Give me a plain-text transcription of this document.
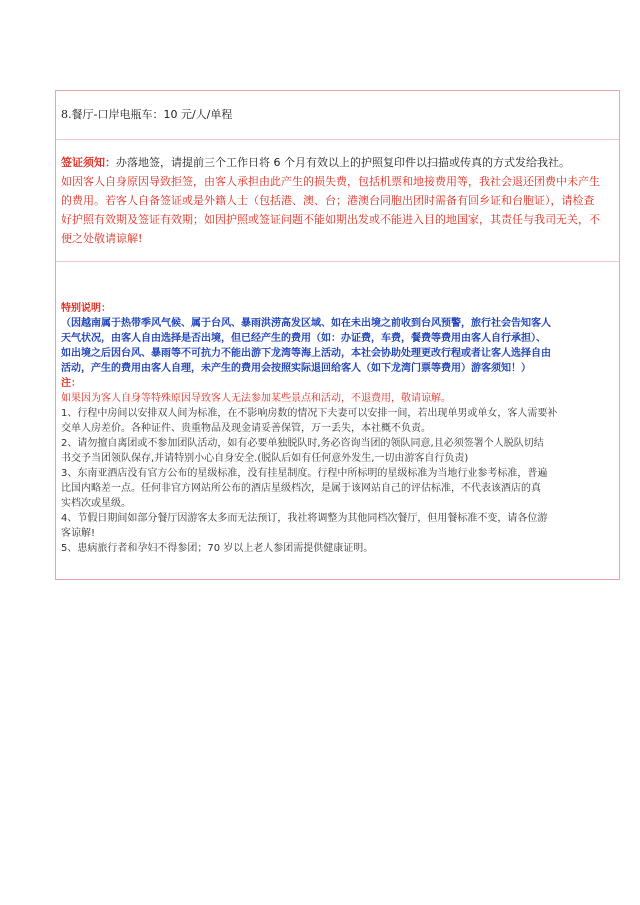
8.餐厅-口岸电瓶车：10 元/人/单程
签证须知：办落地签，请提前三个工作日将 6 个月有效以上的护照复印件以扫描或传真的方式发给我社。
如因客人自身原因导致拒签，由客人承担由此产生的损失费，包括机票和地接费用等，我社会退还团费中未产生
的费用。若客人自备签证或是外籍人士（包括港、澳、台；港澳台同胞出团时需备有回乡证和台胞证），请检查
好护照有效期及签证有效期；如因护照或签证问题不能如期出发或不能进入目的地国家，其责任与我司无关，不
便之处敬请谅解!
特别说明：
（因越南属于热带季风气候、属于台风、暴雨洪涝高发区域、如在未出境之前收到台风预警，旅行社会告知客人
天气状况，由客人自由选择是否出境，但已经产生的费用（如：办证费，车费，餐费等费用由客人自行承担）、
如出境之后因台风、暴雨等不可抗力不能出游下龙湾等海上活动，本社会协助处理更改行程或者让客人选择自由
活动，产生的费用由客人自理，未产生的费用会按照实际退回给客人（如下龙湾门票等费用）游客须知！）
注：
如果因为客人自身等特殊原因导致客人无法参加某些景点和活动，不退费用，敬请谅解。
1、行程中房间以安排双人间为标准，在不影响房数的情况下夫妻可以安排一间，若出现单男或单女，客人需要补
交单人房差价。各种证件、贵重物品及现金请妥善保管，万一丢失，本社概不负责。
2、请勿擅自离团或不参加团队活动，如有必要单独脱队时,务必咨询当团的领队同意,且必须签署个人脱队切结
书交予当团领队保存,并请特别小心自身安全.(脱队后如有任何意外发生,一切由游客自行负责)
3、东南亚酒店没有官方公布的星级标准，没有挂星制度。行程中所标明的星级标准为当地行业参考标准，普遍
比国内略差一点。任何非官方网站所公布的酒店星级档次，是属于该网站自己的评估标准，不代表该酒店的真
实档次或星级。
4、节假日期间如部分餐厅因游客太多而无法预订，我社将调整为其他同档次餐厅，但用餐标准不变，请各位游
客谅解!
5、患病旅行者和孕妇不得参团；70 岁以上老人参团需提供健康证明。
